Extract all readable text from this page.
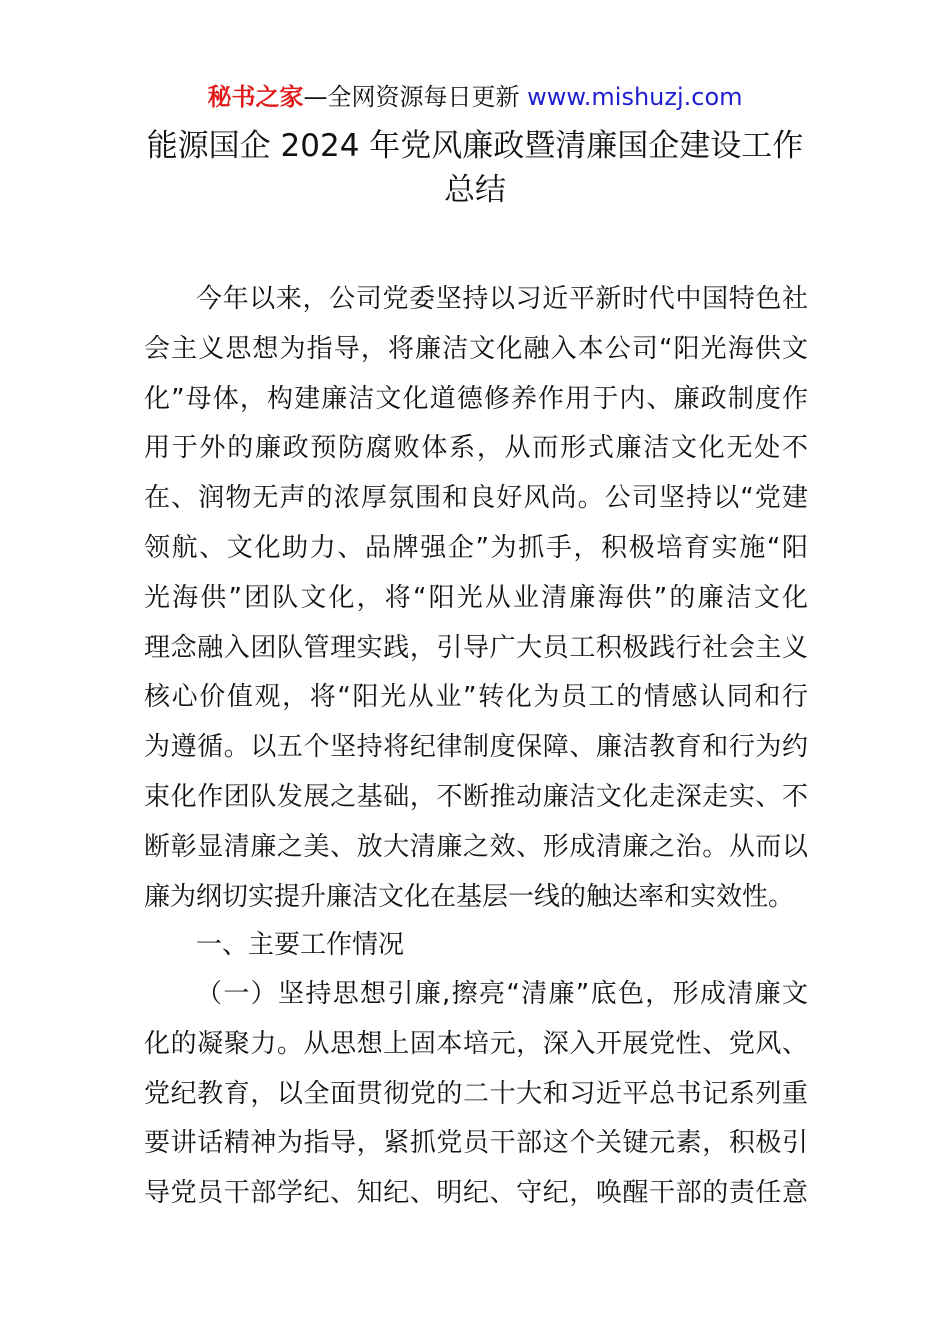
秘书之家—全网资源每日更新 www.mishuzj.com
能源国企 2024 年党风廉政暨清廉国企建设工作
总结
今年以来，公司党委坚持以习近平新时代中国特色社
会主义思想为指导，将廉洁文化融入本公司“阳光海供文
化”母体，构建廉洁文化道德修养作用于内、廉政制度作
用于外的廉政预防腐败体系，从而形式廉洁文化无处不
在、润物无声的浓厚氛围和良好风尚。公司坚持以“党建
领航、文化助力、品牌强企”为抓手，积极培育实施“阳
光海供”团队文化，将“阳光从业清廉海供”的廉洁文化
理念融入团队管理实践，引导广大员工积极践行社会主义
核心价值观，将“阳光从业”转化为员工的情感认同和行
为遵循。以五个坚持将纪律制度保障、廉洁教育和行为约
束化作团队发展之基础，不断推动廉洁文化走深走实、不
断彰显清廉之美、放大清廉之效、形成清廉之治。从而以
廉为纲切实提升廉洁文化在基层一线的触达率和实效性。
一、主要工作情况
（一）坚持思想引廉,擦亮“清廉”底色，形成清廉文
化的凝聚力。从思想上固本培元，深入开展党性、党风、
党纪教育，以全面贯彻党的二十大和习近平总书记系列重
要讲话精神为指导，紧抓党员干部这个关键元素，积极引
导党员干部学纪、知纪、明纪、守纪，唤醒干部的责任意
